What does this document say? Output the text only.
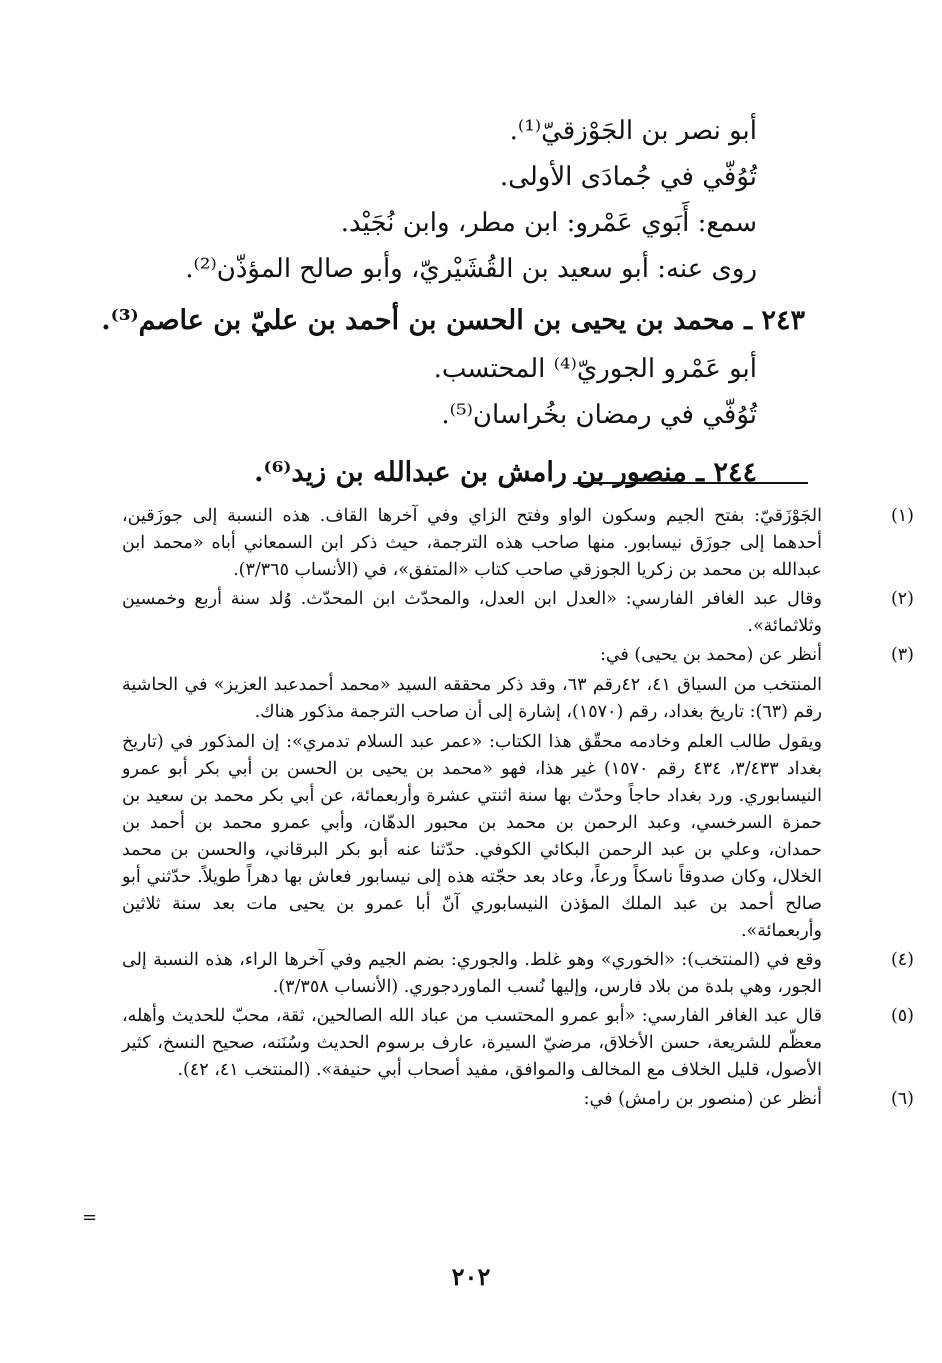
أبو نصر بن الجَوْزقيّ⁽¹⁾.
تُوُفّي في جُمادَى الأولى.
سمع: أَبَوي عَمْرو: ابن مطر، وابن نُجَيْد.
روى عنه: أبو سعيد بن القُشَيْريّ، وأبو صالح المؤذّن⁽²⁾.
٢٤٣ ـ محمد بن يحيى بن الحسن بن أحمد بن عليّ بن عاصم⁽³⁾.
أبو عَمْرو الجوريّ⁽⁴⁾ المحتسب.
تُوُفّي في رمضان بخُراسان⁽⁵⁾.
٢٤٤ ـ منصور بن رامش بن عبدالله بن زيد⁽⁶⁾.
(١)

الجَوْزَقيّ: بفتح الجيم وسكون الواو وفتح الزاي وفي آخرها القاف. هذه النسبة إلى جوزَقين، أحدهما إلى جوزَق نيسابور. منها صاحب هذه الترجمة، حيث ذكر ابن السمعاني أباه «محمد ابن عبدالله بن محمد بن زكريا الجوزقي صاحب كتاب «المتفق»، في (الأنساب ٣/٣٦٥).

(٢)

وقال عبد الغافر الفارسي: «العدل ابن العدل، والمحدّث ابن المحدّث. وُلد سنة أربع وخمسين وثلاثمائة».

(٣)

أنظر عن (محمد بن يحيى) في:

المنتخب من السياق ٤١، ٤٢رقم ٦٣، وقد ذكر محققه السيد «محمد أحمدعبد العزيز» في الحاشية رقم (٦٣): تاريخ بغداد، رقم (١٥٧٠)، إشارة إلى أن صاحب الترجمة مذكور هناك.

ويقول طالب العلم وخادمه محقّق هذا الكتاب: «عمر عبد السلام تدمري»: إن المذكور في (تاريخ بغداد ٣/٤٣٣، ٤٣٤ رقم ١٥٧٠) غير هذا، فهو «محمد بن يحيى بن الحسن بن أبي بكر أبو عمرو النيسابوري. ورد بغداد حاجاً وحدّث بها سنة اثنتي عشرة وأربعمائة، عن أبي بكر محمد بن سعيد بن حمزة السرخسي، وعبد الرحمن بن محمد بن محبور الدهّان، وأبي عمرو محمد بن أحمد بن حمدان، وعلي بن عبد الرحمن البكائي الكوفي. حدّثنا عنه أبو بكر البرقاني، والحسن بن محمد الخلال، وكان صدوقاً ناسكاً ورعاً، وعاد بعد حجّته هذه إلى نيسابور فعاش بها دهراً طويلاً. حدّثني أبو صالح أحمد بن عبد الملك المؤذن النيسابوري آنّ أبا عمرو بن يحيى مات بعد سنة ثلاثين وأربعمائة».

(٤)

وقع في (المنتخب): «الخوري» وهو غلط. والجوري: بضم الجيم وفي آخرها الراء، هذه النسبة إلى الجور، وهي بلدة من بلاد فارس، وإليها نُسب الماوردجوري. (الأنساب ٣/٣٥٨).

(٥)

قال عبد الغافر الفارسي: «أبو عمرو المحتسب من عباد الله الصالحين، ثقة، محبّ للحديث وأهله، معظّم للشريعة، حسن الأخلاق، مرضيّ السيرة، عارف برسوم الحديث وسُنَنه، صحيح النسخ، كثير الأصول، قليل الخلاف مع المخالف والموافق، مفيد أصحاب أبي حنيفة». (المنتخب ٤١، ٤٢).

(٦)

أنظر عن (منصور بن رامش) في:

=
٢٠٢
